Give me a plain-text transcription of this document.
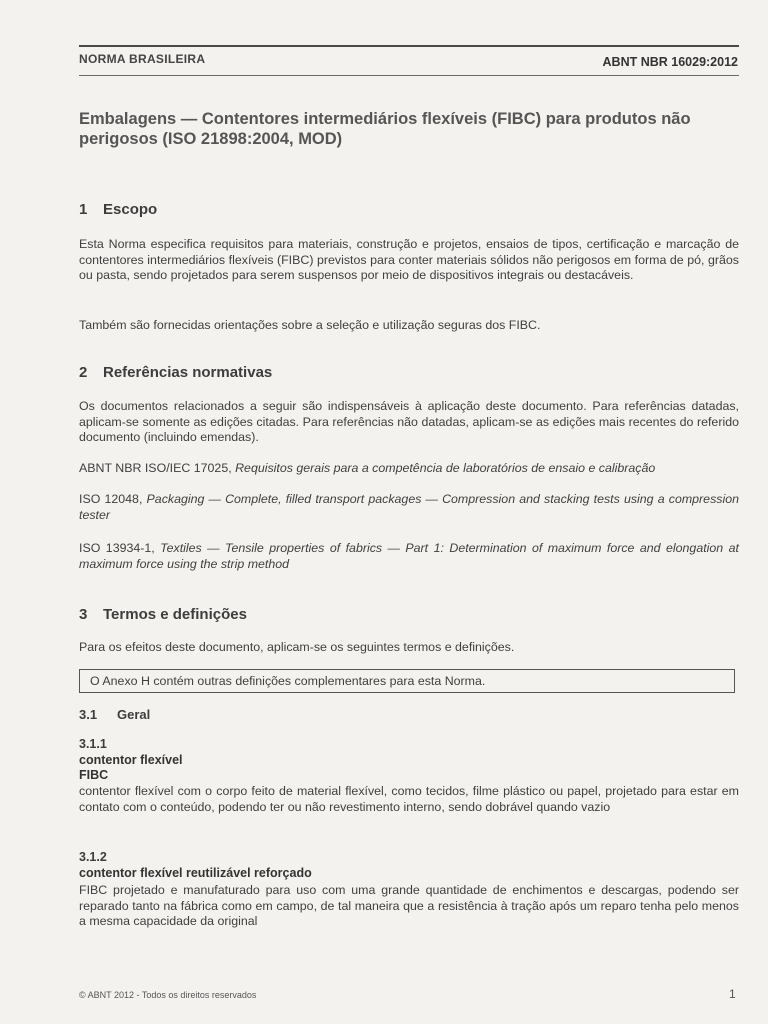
NORMA BRASILEIRA	ABNT NBR 16029:2012
Embalagens — Contentores intermediários flexíveis (FIBC) para produtos não perigosos (ISO 21898:2004, MOD)
1 Escopo
Esta Norma especifica requisitos para materiais, construção e projetos, ensaios de tipos, certificação e marcação de contentores intermediários flexíveis (FIBC) previstos para conter materiais sólidos não perigosos em forma de pó, grãos ou pasta, sendo projetados para serem suspensos por meio de dispositivos integrais ou destacáveis.
Também são fornecidas orientações sobre a seleção e utilização seguras dos FIBC.
2 Referências normativas
Os documentos relacionados a seguir são indispensáveis à aplicação deste documento. Para referências datadas, aplicam-se somente as edições citadas. Para referências não datadas, aplicam-se as edições mais recentes do referido documento (incluindo emendas).
ABNT NBR ISO/IEC 17025, Requisitos gerais para a competência de laboratórios de ensaio e calibração
ISO 12048, Packaging — Complete, filled transport packages — Compression and stacking tests using a compression tester
ISO 13934-1, Textiles — Tensile properties of fabrics — Part 1: Determination of maximum force and elongation at maximum force using the strip method
3 Termos e definições
Para os efeitos deste documento, aplicam-se os seguintes termos e definições.
O Anexo H contém outras definições complementares para esta Norma.
3.1 Geral
3.1.1
contentor flexível
FIBC
contentor flexível com o corpo feito de material flexível, como tecidos, filme plástico ou papel, projetado para estar em contato com o conteúdo, podendo ter ou não revestimento interno, sendo dobrável quando vazio
3.1.2
contentor flexível reutilizável reforçado
FIBC projetado e manufaturado para uso com uma grande quantidade de enchimentos e descargas, podendo ser reparado tanto na fábrica como em campo, de tal maneira que a resistência à tração após um reparo tenha pelo menos a mesma capacidade da original
© ABNT 2012 - Todos os direitos reservados	1
